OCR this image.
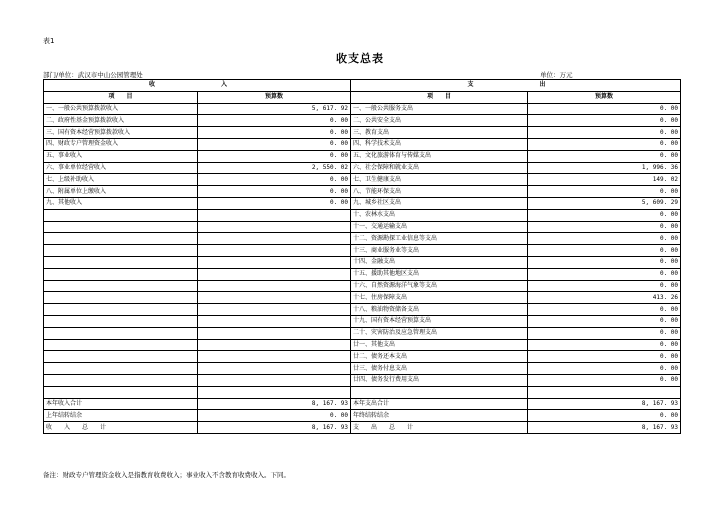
表1
收支总表
部门/单位：武汉市中山公园管理处	单位：万元
收　　入		支　　出	
项　　目	预算数	项　　目	预算数
一、一般公共预算拨款收入	5, 617. 92	一、一般公共服务支出	0. 00
二、政府性基金预算拨款收入	0. 00	二、公共安全支出	0. 00
三、国有资本经营预算拨款收入	0. 00	三、教育支出	0. 00
四、财政专户管理资金收入	0. 00	四、科学技术支出	0. 00
五、事业收入	0. 00	五、文化旅游体育与传媒支出	0. 00
六、事业单位经营收入	2, 550. 02	六、社会保障和就业支出	1, 996. 36
七、上级补助收入	0. 00	七、卫生健康支出	149. 02
八、附属单位上缴收入	0. 00	八、节能环保支出	0. 00
九、其他收入	0. 00	九、城乡社区支出	5, 609. 29
		十、农林水支出	0. 00
		十一、交通运输支出	0. 00
		十二、资源勘探工业信息等支出	0. 00
		十三、商业服务业等支出	0. 00
		十四、金融支出	0. 00
		十五、援助其他地区支出	0. 00
		十六、自然资源海洋气象等支出	0. 00
		十七、住房保障支出	413. 26
		十八、粮油物资储备支出	0. 00
		十九、国有资本经营预算支出	0. 00
		二十、灾害防治及应急管理支出	0. 00
		廿一、其他支出	0. 00
		廿二、债务还本支出	0. 00
		廿三、债务付息支出	0. 00
		廿四、债务发行费用支出	0. 00

本年收入合计	8, 167. 93	本年支出合计	8, 167. 93
上年结转结余	0. 00	年终结转结余	0. 00
收　　入　　总　　计	8, 167. 93	支　　出　　总　　计	8, 167. 93
备注：财政专户管理资金收入是指教育收费收入；事业收入不含教育收费收入。下同。
